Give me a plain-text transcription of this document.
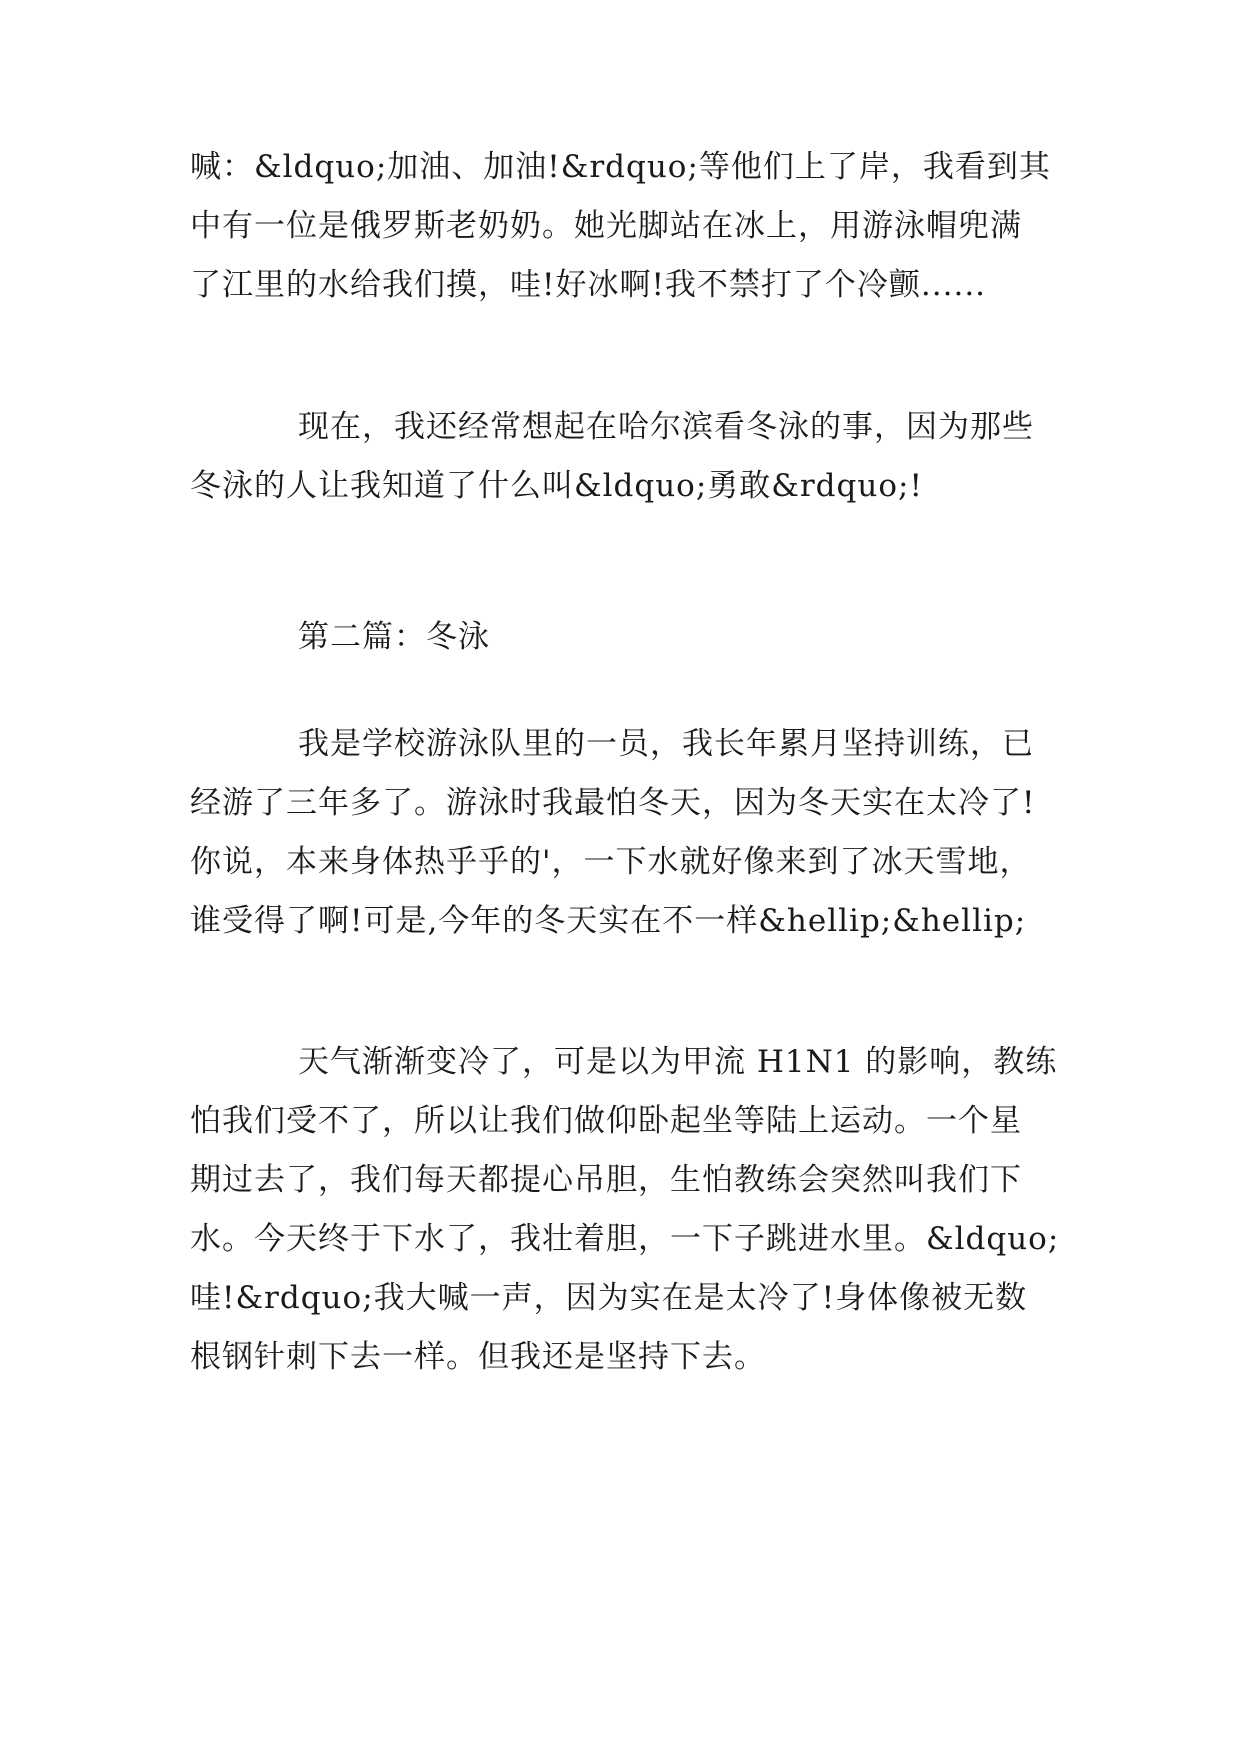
喊：&ldquo;加油、加油!&rdquo;等他们上了岸，我看到其
中有一位是俄罗斯老奶奶。她光脚站在冰上，用游泳帽兜满
了江里的水给我们摸，哇!好冰啊!我不禁打了个冷颤......
现在，我还经常想起在哈尔滨看冬泳的事，因为那些
冬泳的人让我知道了什么叫&ldquo;勇敢&rdquo;!
第二篇：冬泳
我是学校游泳队里的一员，我长年累月坚持训练，已
经游了三年多了。游泳时我最怕冬天，因为冬天实在太冷了!
你说，本来身体热乎乎的'，一下水就好像来到了冰天雪地，
谁受得了啊!可是,今年的冬天实在不一样&hellip;&hellip;
天气渐渐变冷了，可是以为甲流 H1N1 的影响，教练
怕我们受不了，所以让我们做仰卧起坐等陆上运动。一个星
期过去了，我们每天都提心吊胆，生怕教练会突然叫我们下
水。今天终于下水了，我壮着胆，一下子跳进水里。&ldquo;
哇!&rdquo;我大喊一声，因为实在是太冷了!身体像被无数
根钢针刺下去一样。但我还是坚持下去。
